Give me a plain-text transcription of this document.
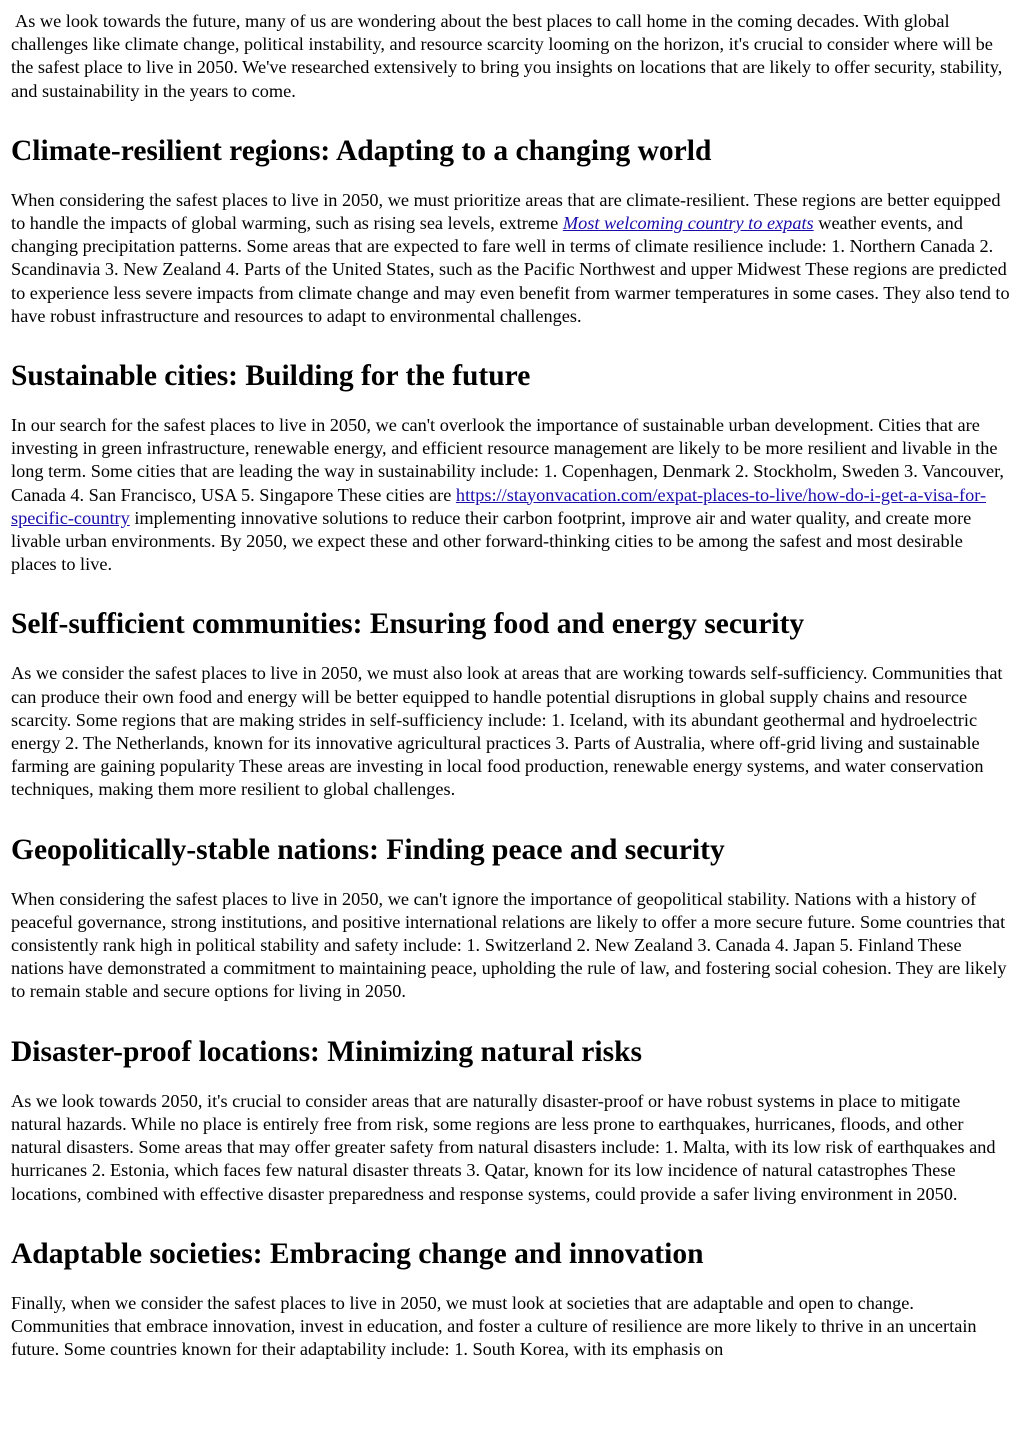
As we look towards the future, many of us are wondering about the best places to call home in the coming decades. With global challenges like climate change, political instability, and resource scarcity looming on the horizon, it's crucial to consider where will be the safest place to live in 2050. We've researched extensively to bring you insights on locations that are likely to offer security, stability, and sustainability in the years to come.

Climate-resilient regions: Adapting to a changing world

When considering the safest places to live in 2050, we must prioritize areas that are climate-resilient. These regions are better equipped to handle the impacts of global warming, such as rising sea levels, extreme Most welcoming country to expats weather events, and changing precipitation patterns. Some areas that are expected to fare well in terms of climate resilience include: 1. Northern Canada 2. Scandinavia 3. New Zealand 4. Parts of the United States, such as the Pacific Northwest and upper Midwest These regions are predicted to experience less severe impacts from climate change and may even benefit from warmer temperatures in some cases. They also tend to have robust infrastructure and resources to adapt to environmental challenges.

Sustainable cities: Building for the future

In our search for the safest places to live in 2050, we can't overlook the importance of sustainable urban development. Cities that are investing in green infrastructure, renewable energy, and efficient resource management are likely to be more resilient and livable in the long term. Some cities that are leading the way in sustainability include: 1. Copenhagen, Denmark 2. Stockholm, Sweden 3. Vancouver, Canada 4. San Francisco, USA 5. Singapore These cities are https://stayonvacation.com/expat-places-to-live/how-do-i-get-a-visa-for-specific-country implementing innovative solutions to reduce their carbon footprint, improve air and water quality, and create more livable urban environments. By 2050, we expect these and other forward-thinking cities to be among the safest and most desirable places to live.

Self-sufficient communities: Ensuring food and energy security

As we consider the safest places to live in 2050, we must also look at areas that are working towards self-sufficiency. Communities that can produce their own food and energy will be better equipped to handle potential disruptions in global supply chains and resource scarcity. Some regions that are making strides in self-sufficiency include: 1. Iceland, with its abundant geothermal and hydroelectric energy 2. The Netherlands, known for its innovative agricultural practices 3. Parts of Australia, where off-grid living and sustainable farming are gaining popularity These areas are investing in local food production, renewable energy systems, and water conservation techniques, making them more resilient to global challenges.

Geopolitically-stable nations: Finding peace and security

When considering the safest places to live in 2050, we can't ignore the importance of geopolitical stability. Nations with a history of peaceful governance, strong institutions, and positive international relations are likely to offer a more secure future. Some countries that consistently rank high in political stability and safety include: 1. Switzerland 2. New Zealand 3. Canada 4. Japan 5. Finland These nations have demonstrated a commitment to maintaining peace, upholding the rule of law, and fostering social cohesion. They are likely to remain stable and secure options for living in 2050.

Disaster-proof locations: Minimizing natural risks

As we look towards 2050, it's crucial to consider areas that are naturally disaster-proof or have robust systems in place to mitigate natural hazards. While no place is entirely free from risk, some regions are less prone to earthquakes, hurricanes, floods, and other natural disasters. Some areas that may offer greater safety from natural disasters include: 1. Malta, with its low risk of earthquakes and hurricanes 2. Estonia, which faces few natural disaster threats 3. Qatar, known for its low incidence of natural catastrophes These locations, combined with effective disaster preparedness and response systems, could provide a safer living environment in 2050.

Adaptable societies: Embracing change and innovation

Finally, when we consider the safest places to live in 2050, we must look at societies that are adaptable and open to change. Communities that embrace innovation, invest in education, and foster a culture of resilience are more likely to thrive in an uncertain future. Some countries known for their adaptability include: 1. South Korea, with its emphasis on
